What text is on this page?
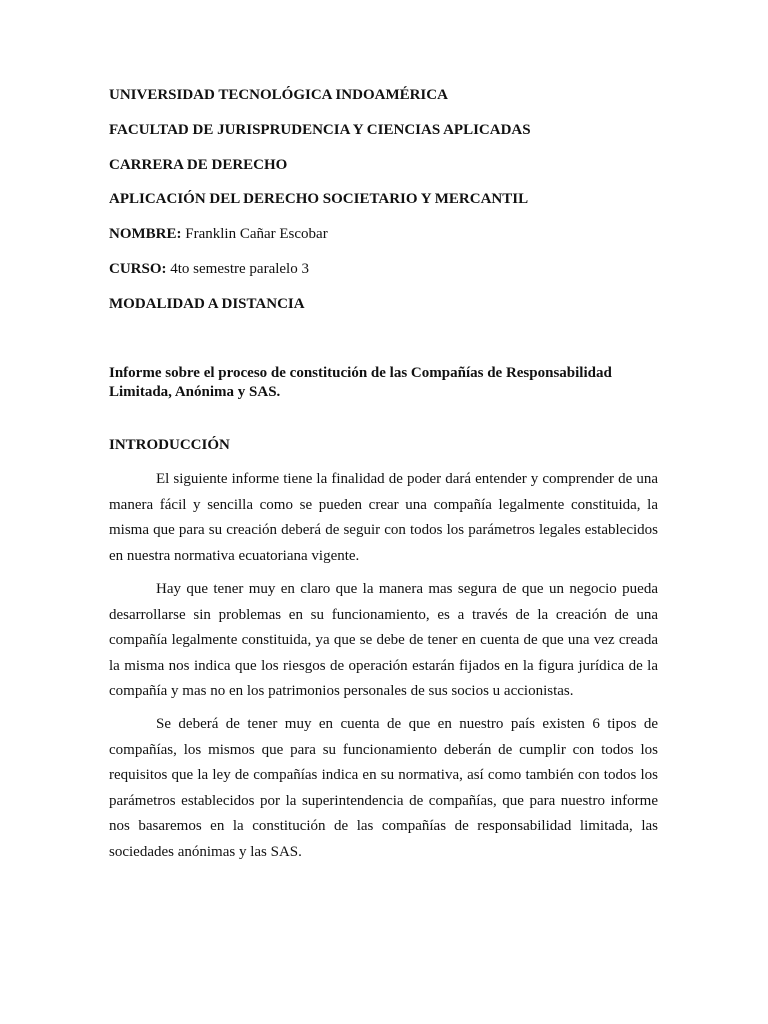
UNIVERSIDAD TECNOLÓGICA INDOAMÉRICA
FACULTAD DE JURISPRUDENCIA Y CIENCIAS APLICADAS
CARRERA DE DERECHO
APLICACIÓN DEL DERECHO SOCIETARIO Y MERCANTIL
NOMBRE: Franklin Cañar Escobar
CURSO: 4to semestre paralelo 3
MODALIDAD A DISTANCIA
Informe sobre el proceso de constitución de las Compañías de Responsabilidad Limitada, Anónima y SAS.
INTRODUCCIÓN

El siguiente informe tiene la finalidad de poder dará entender y comprender de una manera fácil y sencilla como se pueden crear una compañía legalmente constituida, la misma que para su creación deberá de seguir con todos los parámetros legales establecidos en nuestra normativa ecuatoriana vigente.

Hay que tener muy en claro que la manera mas segura de que un negocio pueda desarrollarse sin problemas en su funcionamiento, es a través de la creación de una compañía legalmente constituida, ya que se debe de tener en cuenta de que una vez creada la misma nos indica que los riesgos de operación estarán fijados en la figura jurídica de la compañía y mas no en los patrimonios personales de sus socios u accionistas.

Se deberá de tener muy en cuenta de que en nuestro país existen 6 tipos de compañías, los mismos que para su funcionamiento deberán de cumplir con todos los requisitos que la ley de compañías indica en su normativa, así como también con todos los parámetros establecidos por la superintendencia de compañías, que para nuestro informe nos basaremos en la constitución de las compañías de responsabilidad limitada, las sociedades anónimas y las SAS.
